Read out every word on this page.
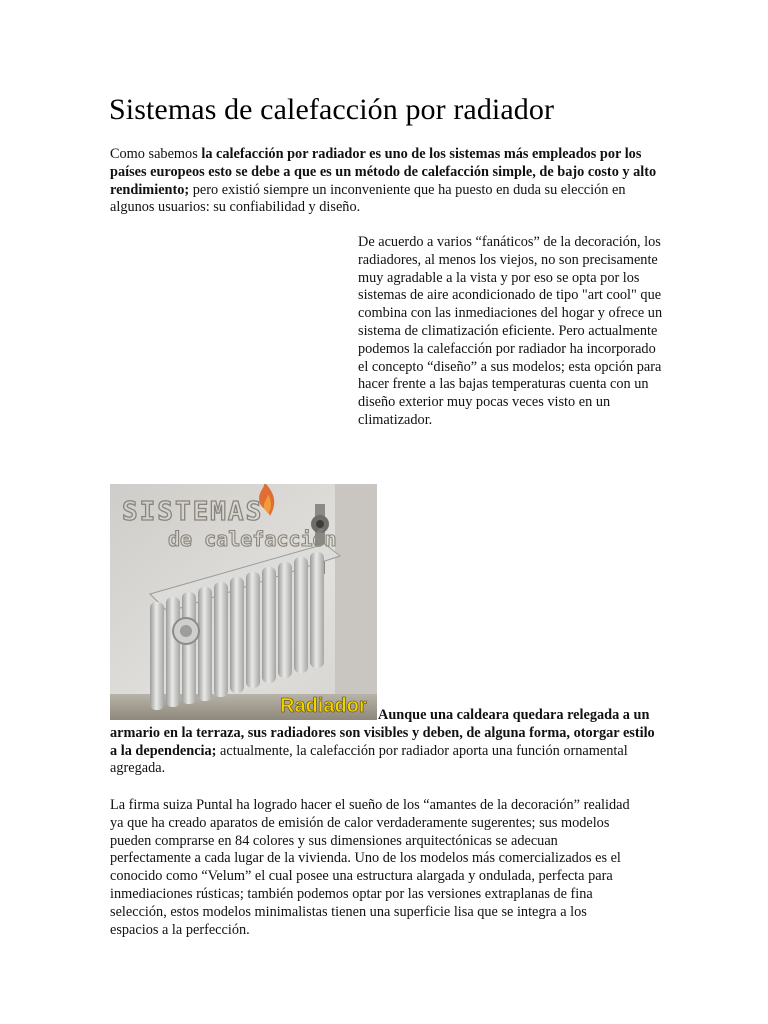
Sistemas de calefacción por radiador

Como sabemos la calefacción por radiador es uno de los sistemas más empleados por los países europeos esto se debe a que es un método de calefacción simple, de bajo costo y alto rendimiento; pero existió siempre un inconveniente que ha puesto en duda su elección en algunos usuarios: su confiabilidad y diseño.

De acuerdo a varios “fanáticos” de la decoración, los radiadores, al menos los viejos, no son precisamente muy agradable a la vista y por eso se opta por los sistemas de aire acondicionado de tipo "art cool" que combina con las inmediaciones del hogar y ofrece un sistema de climatización eficiente. Pero actualmente podemos la calefacción por radiador ha incorporado el concepto “diseño” a sus modelos; esta opción para hacer frente a las bajas temperaturas cuenta con un diseño exterior muy pocas veces visto en un climatizador.

SISTEMAS
de calefacción
Radiador Aunque una caldeara quedara relegada a un armario en la terraza, sus radiadores son visibles y deben, de alguna forma, otorgar estilo a la dependencia; actualmente, la calefacción por radiador aporta una función ornamental agregada.

La firma suiza Puntal ha logrado hacer el sueño de los “amantes de la decoración” realidad ya que ha creado aparatos de emisión de calor verdaderamente sugerentes; sus modelos pueden comprarse en 84 colores y sus dimensiones arquitectónicas se adecuan perfectamente a cada lugar de la vivienda. Uno de los modelos más comercializados es el conocido como “Velum” el cual posee una estructura alargada y ondulada, perfecta para inmediaciones rústicas; también podemos optar por las versiones extraplanas de fina selección, estos modelos minimalistas tienen una superficie lisa que se integra a los espacios a la perfección.
